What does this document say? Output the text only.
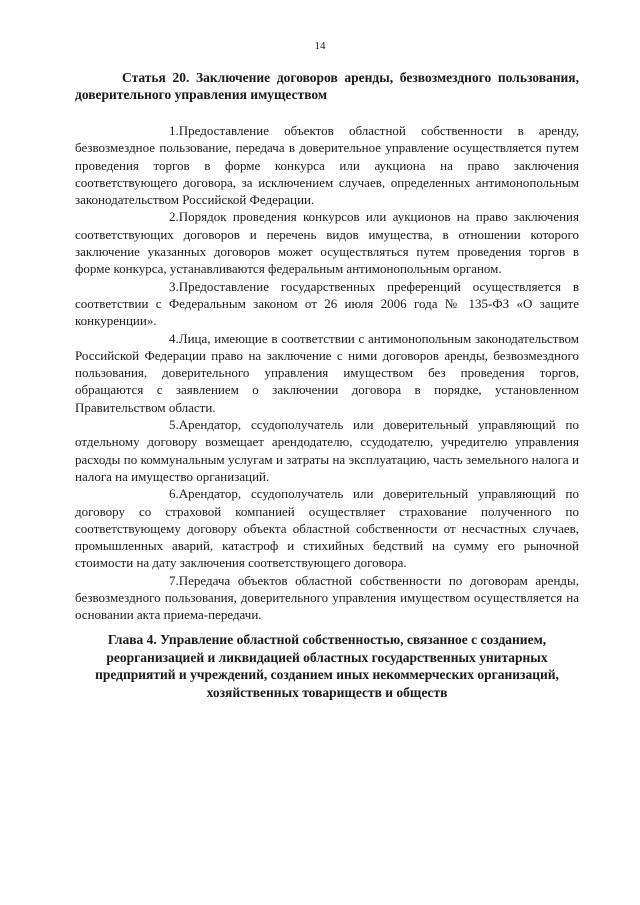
14
Статья 20. Заключение договоров аренды, безвозмездного пользования, доверительного управления имуществом

1.Предоставление объектов областной собственности в аренду, безвозмездное пользование, передача в доверительное управление осуществляется путем проведения торгов в форме конкурса или аукциона на право заключения соответствующего договора, за исключением случаев, определенных антимонопольным законодательством Российской Федерации.

2.Порядок проведения конкурсов или аукционов на право заключения соответствующих договоров и перечень видов имущества, в отношении которого заключение указанных договоров может осуществляться путем проведения торгов в форме конкурса, устанавливаются федеральным антимонопольным органом.

3.Предоставление государственных преференций осуществляется в соответствии с Федеральным законом от 26 июля 2006 года № 135-ФЗ «О защите конкуренции».

4.Лица, имеющие в соответствии с антимонопольным законодательством Российской Федерации право на заключение с ними договоров аренды, безвозмездного пользования, доверительного управления имуществом без проведения торгов, обращаются с заявлением о заключении договора в порядке, установленном Правительством области.

5.Арендатор, ссудополучатель или доверительный управляющий по отдельному договору возмещает арендодателю, ссудодателю, учредителю управления расходы по коммунальным услугам и затраты на эксплуатацию, часть земельного налога и налога на имущество организаций.

6.Арендатор, ссудополучатель или доверительный управляющий по договору со страховой компанией осуществляет страхование полученного по соответствующему договору объекта областной собственности от несчастных случаев, промышленных аварий, катастроф и стихийных бедствий на сумму его рыночной стоимости на дату заключения соответствующего договора.

7.Передача объектов областной собственности по договорам аренды, безвозмездного пользования, доверительного управления имуществом осуществляется на основании акта приема-передачи.

Глава 4. Управление областной собственностью, связанное с созданием, реорганизацией и ликвидацией областных государственных унитарных предприятий и учреждений, созданием иных некоммерческих организаций, хозяйственных товариществ и обществ
